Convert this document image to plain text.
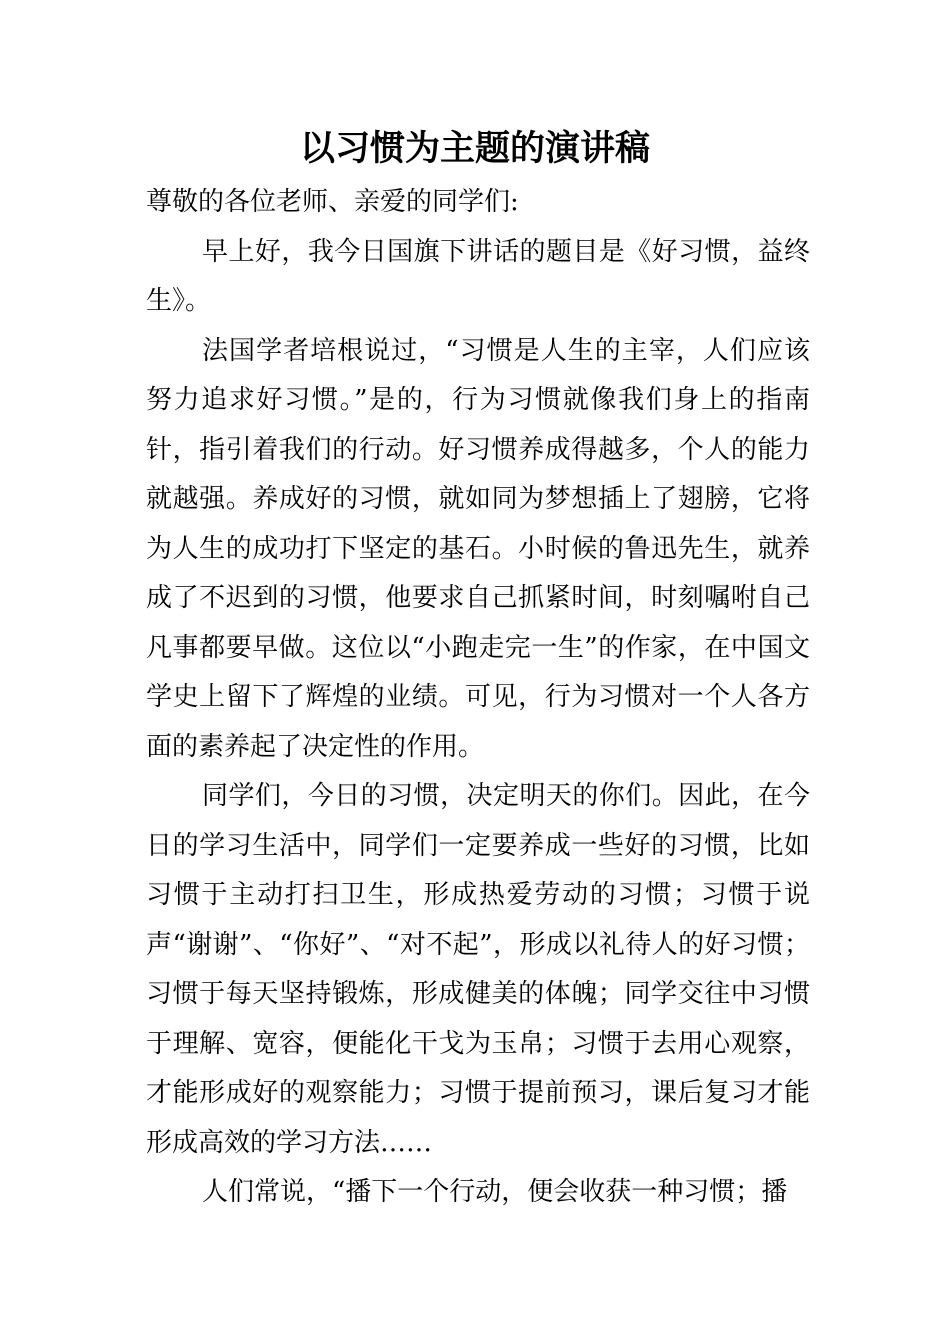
以习惯为主题的演讲稿

尊敬的各位老师、亲爱的同学们:

早上好，我今日国旗下讲话的题目是《好习惯，益终生》。

法国学者培根说过，“习惯是人生的主宰，人们应该努力追求好习惯。”是的，行为习惯就像我们身上的指南针，指引着我们的行动。好习惯养成得越多，个人的能力就越强。养成好的习惯，就如同为梦想插上了翅膀，它将为人生的成功打下坚定的基石。小时候的鲁迅先生，就养成了不迟到的习惯，他要求自己抓紧时间，时刻嘱咐自己凡事都要早做。这位以“小跑走完一生”的作家，在中国文学史上留下了辉煌的业绩。可见，行为习惯对一个人各方面的素养起了决定性的作用。

同学们，今日的习惯，决定明天的你们。因此，在今日的学习生活中，同学们一定要养成一些好的习惯，比如习惯于主动打扫卫生，形成热爱劳动的习惯；习惯于说声“谢谢”、“你好”、“对不起”，形成以礼待人的好习惯；习惯于每天坚持锻炼，形成健美的体魄；同学交往中习惯于理解、宽容，便能化干戈为玉帛；习惯于去用心观察，才能形成好的观察能力；习惯于提前预习，课后复习才能形成高效的学习方法……

人们常说，“播下一个行动，便会收获一种习惯；播
